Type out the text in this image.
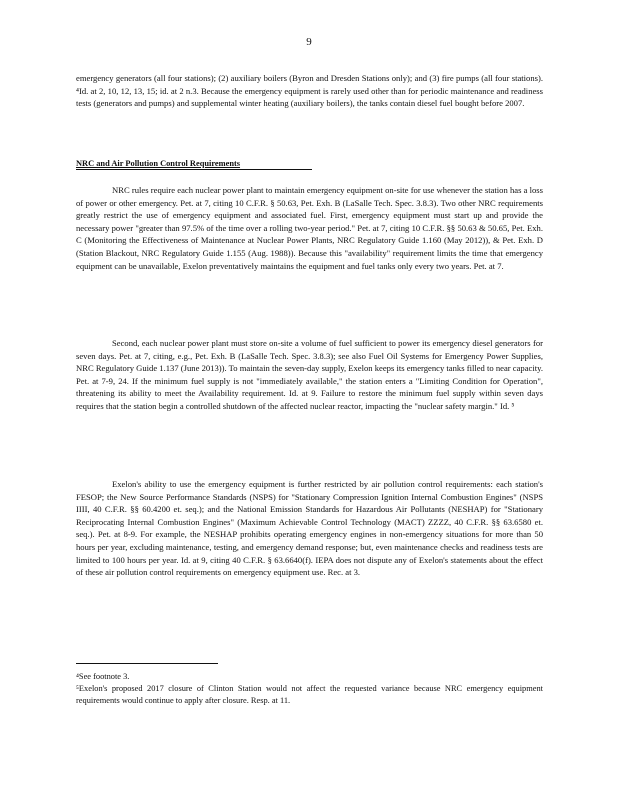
9

emergency generators (all four stations); (2) auxiliary boilers (Byron and Dresden Stations only); and (3) fire pumps (all four stations). ⁴Id. at 2, 10, 12, 13, 15; id. at 2 n.3. Because the emergency equipment is rarely used other than for periodic maintenance and readiness tests (generators and pumps) and supplemental winter heating (auxiliary boilers), the tanks contain diesel fuel bought before 2007.

NRC and Air Pollution Control Requirements

NRC rules require each nuclear power plant to maintain emergency equipment on-site for use whenever the station has a loss of power or other emergency. Pet. at 7, citing 10 C.F.R. § 50.63, Pet. Exh. B (LaSalle Tech. Spec. 3.8.3). Two other NRC requirements greatly restrict the use of emergency equipment and associated fuel. First, emergency equipment must start up and provide the necessary power "greater than 97.5% of the time over a rolling two-year period." Pet. at 7, citing 10 C.F.R. §§ 50.63 & 50.65, Pet. Exh. C (Monitoring the Effectiveness of Maintenance at Nuclear Power Plants, NRC Regulatory Guide 1.160 (May 2012)), & Pet. Exh. D (Station Blackout, NRC Regulatory Guide 1.155 (Aug. 1988)). Because this "availability" requirement limits the time that emergency equipment can be unavailable, Exelon preventatively maintains the equipment and fuel tanks only every two years. Pet. at 7.

Second, each nuclear power plant must store on-site a volume of fuel sufficient to power its emergency diesel generators for seven days. Pet. at 7, citing, e.g., Pet. Exh. B (LaSalle Tech. Spec. 3.8.3); see also Fuel Oil Systems for Emergency Power Supplies, NRC Regulatory Guide 1.137 (June 2013)). To maintain the seven-day supply, Exelon keeps its emergency tanks filled to near capacity. Pet. at 7-9, 24. If the minimum fuel supply is not "immediately available," the station enters a "Limiting Condition for Operation", threatening its ability to meet the Availability requirement. Id. at 9. Failure to restore the minimum fuel supply within seven days requires that the station begin a controlled shutdown of the affected nuclear reactor, impacting the "nuclear safety margin." Id. ⁵

Exelon's ability to use the emergency equipment is further restricted by air pollution control requirements: each station's FESOP; the New Source Performance Standards (NSPS) for "Stationary Compression Ignition Internal Combustion Engines" (NSPS IIII, 40 C.F.R. §§ 60.4200 et. seq.); and the National Emission Standards for Hazardous Air Pollutants (NESHAP) for "Stationary Reciprocating Internal Combustion Engines" (Maximum Achievable Control Technology (MACT) ZZZZ, 40 C.F.R. §§ 63.6580 et. seq.). Pet. at 8-9. For example, the NESHAP prohibits operating emergency engines in non-emergency situations for more than 50 hours per year, excluding maintenance, testing, and emergency demand response; but, even maintenance checks and readiness tests are limited to 100 hours per year. Id. at 9, citing 40 C.F.R. § 63.6640(f). IEPA does not dispute any of Exelon's statements about the effect of these air pollution control requirements on emergency equipment use. Rec. at 3.

⁴See footnote 3.

⁵Exelon's proposed 2017 closure of Clinton Station would not affect the requested variance because NRC emergency equipment requirements would continue to apply after closure. Resp. at 11.
